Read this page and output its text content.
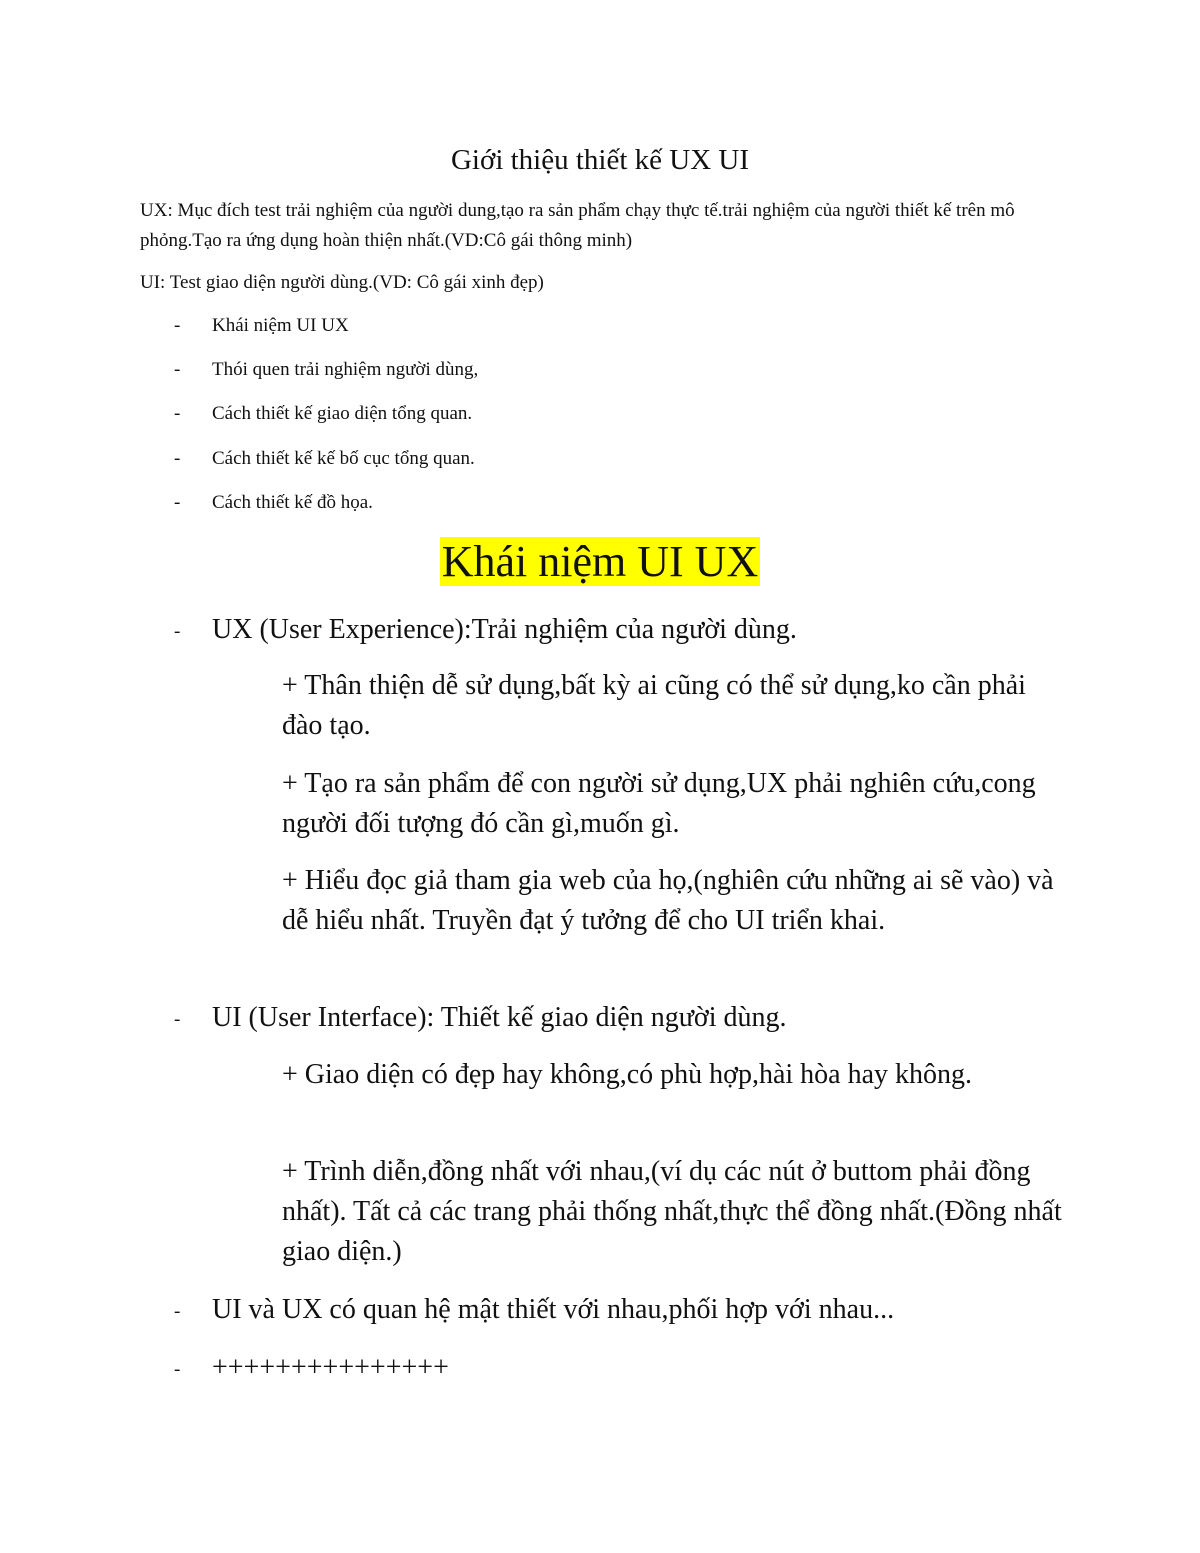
Giới thiệu thiết kế UX UI
UX: Mục đích test trải nghiệm của người dung,tạo ra sản phẩm chạy thực tế.trải nghiệm của người thiết kế trên mô phỏng.Tạo ra ứng dụng hoàn thiện nhất.(VD:Cô gái thông minh)
UI: Test giao diện người dùng.(VD: Cô gái xinh đẹp)
- Khái niệm UI UX
- Thói quen trải nghiệm người dùng,
- Cách thiết kế giao diện tổng quan.
- Cách thiết kế kế bố cục tổng quan.
- Cách thiết kế đồ họa.
Khái niệm UI UX
- UX (User Experience):Trải nghiệm của người dùng.
+ Thân thiện dễ sử dụng,bất kỳ ai cũng có thể sử dụng,ko cần phải đào tạo.
+ Tạo ra sản phẩm để con người sử dụng,UX phải nghiên cứu,cong người đối tượng đó cần gì,muốn gì.
+ Hiểu đọc giả tham gia web của họ,(nghiên cứu những ai sẽ vào) và dễ hiểu nhất. Truyền đạt ý tưởng để cho UI triển khai.
- UI (User Interface): Thiết kế giao diện người dùng.
+ Giao diện có đẹp hay không,có phù hợp,hài hòa hay không.
+ Trình diễn,đồng nhất với nhau,(ví dụ các nút ở buttom phải đồng nhất). Tất cả các trang phải thống nhất,thực thể đồng nhất.(Đồng nhất giao diện.)
- UI và UX có quan hệ mật thiết với nhau,phối hợp với nhau...
- +++++++++++++++
